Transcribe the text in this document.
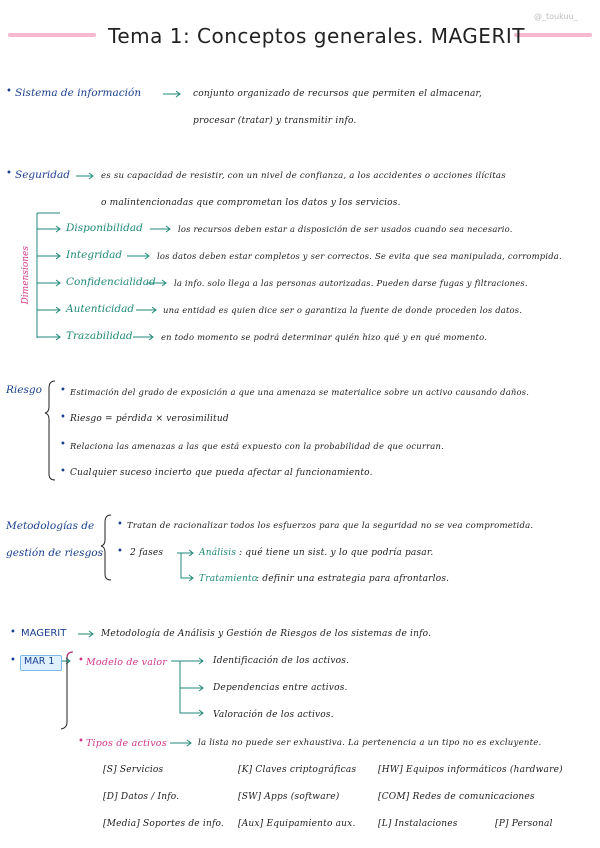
@_toukuu_
Tema 1: Conceptos generales. MAGERIT
• Sistema de información	conjunto organizado de recursos que permiten el almacenar,
procesar (tratar) y transmitir info.
• Seguridad	es su capacidad de resistir, con un nivel de confianza, a los accidentes o acciones ilícitas
o malintencionadas que comprometan los datos y los servicios.
Dimensiones
Disponibilidad	los recursos deben estar a disposición de ser usados cuando sea necesario.
Integridad	los datos deben estar completos y ser correctos. Se evita que sea manipulada, corrompida.
Confidencialidad la info. solo llega a las personas autorizadas. Pueden darse fugas y filtraciones.
Autenticidad	una entidad es quien dice ser o garantiza la fuente de donde proceden los datos.
Trazabilidad	en todo momento se podrá determinar quién hizo qué y en qué momento.
Riesgo • Estimación del grado de exposición a que una amenaza se materialice sobre un activo causando daños.
• Riesgo = pérdida × verosimilitud
• Relaciona las amenazas a las que está expuesto con la probabilidad de que ocurran.
• Cualquier suceso incierto que pueda afectar al funcionamiento.
Metodologías de
gestión de riesgos
• Tratan de racionalizar todos los esfuerzos para que la seguridad no se vea comprometida.
• 2 fases	Análisis : qué tiene un sist. y lo que podría pasar.
Tratamiento
: definir una estrategia para afrontarlos.
• MAGERIT	Metodología de Análisis y Gestión de Riesgos de los sistemas de info.
• MAR 1 • Modelo de valor	Identificación de los activos.
Dependencias entre activos.
Valoración de los activos.
• Tipos de activos	la lista no puede ser exhaustiva. La pertenencia a un tipo no es excluyente.
[S] Servicios	[K] Claves criptográficas [HW] Equipos informáticos (hardware)
[D] Datos / Info.	[SW] Apps (software)	[COM] Redes de comunicaciones
[Media] Soportes de info. [Aux] Equipamiento aux. [L] Instalaciones	[P] Personal
